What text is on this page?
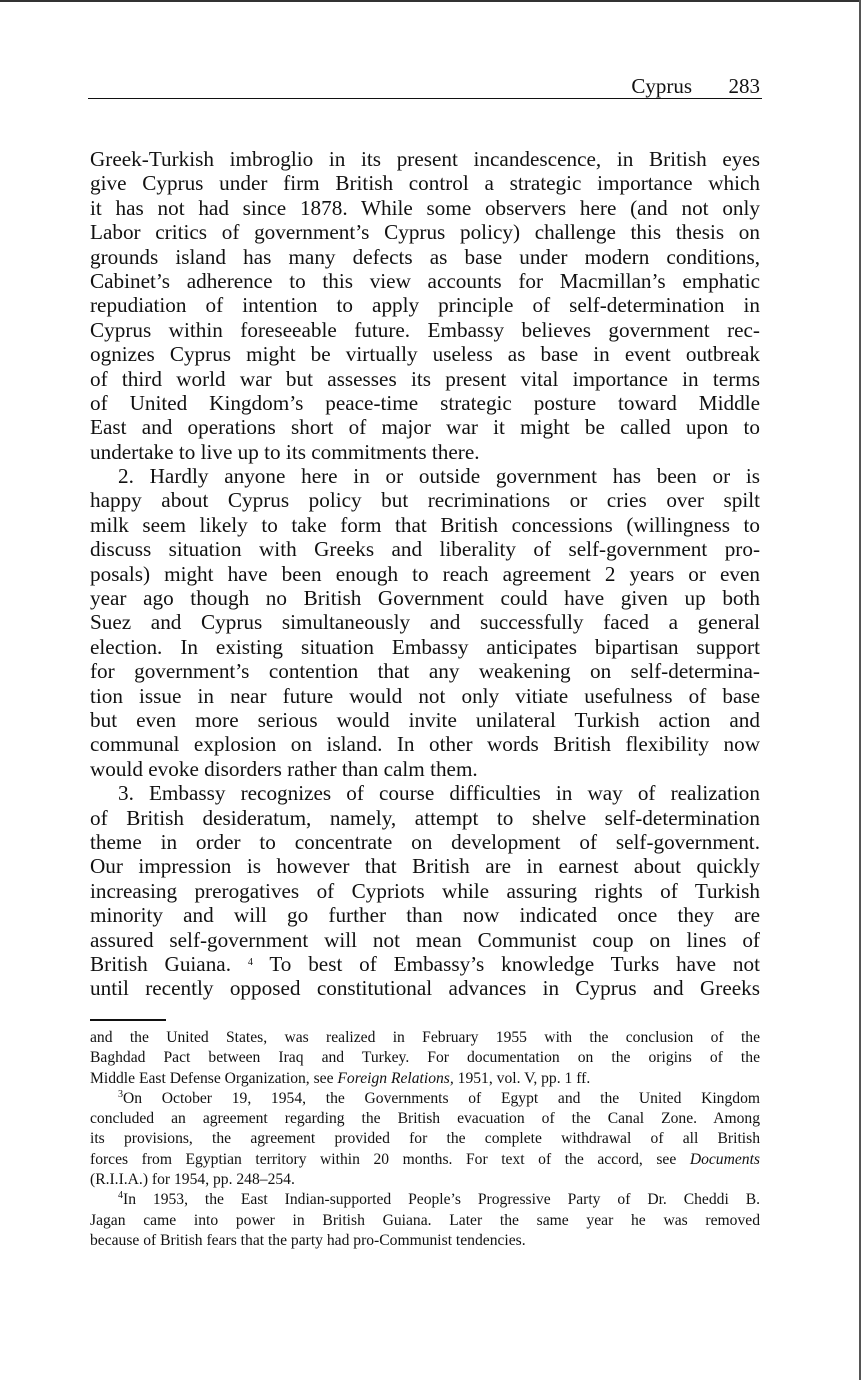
Cyprus 283
Greek-Turkish imbroglio in its present incandescence, in British eyes
give Cyprus under firm British control a strategic importance which
it has not had since 1878. While some observers here (and not only
Labor critics of government’s Cyprus policy) challenge this thesis on
grounds island has many defects as base under modern conditions,
Cabinet’s adherence to this view accounts for Macmillan’s emphatic
repudiation of intention to apply principle of self-determination in
Cyprus within foreseeable future. Embassy believes government rec-
ognizes Cyprus might be virtually useless as base in event outbreak
of third world war but assesses its present vital importance in terms
of United Kingdom’s peace-time strategic posture toward Middle
East and operations short of major war it might be called upon to
undertake to live up to its commitments there.
2. Hardly anyone here in or outside government has been or is
happy about Cyprus policy but recriminations or cries over spilt
milk seem likely to take form that British concessions (willingness to
discuss situation with Greeks and liberality of self-government pro-
posals) might have been enough to reach agreement 2 years or even
year ago though no British Government could have given up both
Suez and Cyprus simultaneously and successfully faced a general
election. In existing situation Embassy anticipates bipartisan support
for government’s contention that any weakening on self-determina-
tion issue in near future would not only vitiate usefulness of base
but even more serious would invite unilateral Turkish action and
communal explosion on island. In other words British flexibility now
would evoke disorders rather than calm them.
3. Embassy recognizes of course difficulties in way of realization
of British desideratum, namely, attempt to shelve self-determination
theme in order to concentrate on development of self-government.
Our impression is however that British are in earnest about quickly
increasing prerogatives of Cypriots while assuring rights of Turkish
minority and will go further than now indicated once they are
assured self-government will not mean Communist coup on lines of
British Guiana. $^4$ To best of Embassy’s knowledge Turks have not
until recently opposed constitutional advances in Cyprus and Greeks
and the United States, was realized in February 1955 with the conclusion of the
Baghdad Pact between Iraq and Turkey. For documentation on the origins of the
Middle East Defense Organization, see Foreign Relations, 1951, vol. V, pp. 1 ff.
$^3$On October 19, 1954, the Governments of Egypt and the United Kingdom
concluded an agreement regarding the British evacuation of the Canal Zone. Among
its provisions, the agreement provided for the complete withdrawal of all British
forces from Egyptian territory within 20 months. For text of the accord, see Documents
(R.I.I.A.) for 1954, pp. 248–254.
$^4$In 1953, the East Indian-supported People’s Progressive Party of Dr. Cheddi B.
Jagan came into power in British Guiana. Later the same year he was removed
because of British fears that the party had pro-Communist tendencies.
